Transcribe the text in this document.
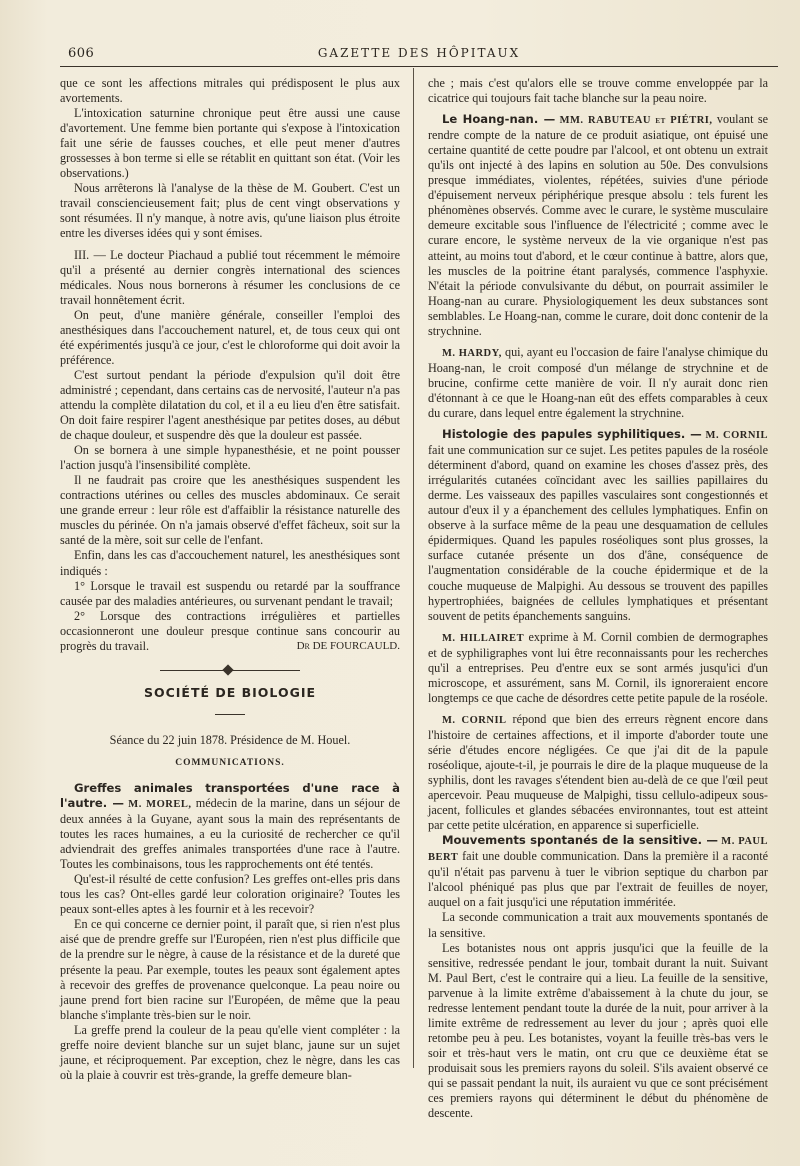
606	GAZETTE DES HÔPITAUX

que ce sont les affections mitrales qui prédisposent le plus aux avortements.

L'intoxication saturnine chronique peut être aussi une cause d'avortement. Une femme bien portante qui s'expose à l'intoxication fait une série de fausses couches, et elle peut mener d'autres grossesses à bon terme si elle se rétablit en quittant son état. (Voir les observations.)

Nous arrêterons là l'analyse de la thèse de M. Goubert. C'est un travail consciencieusement fait; plus de cent vingt observations y sont résumées. Il n'y manque, à notre avis, qu'une liaison plus étroite entre les diverses idées qui y sont émises.

III. — Le docteur Piachaud a publié tout récemment le mémoire qu'il a présenté au dernier congrès international des sciences médicales. Nous nous bornerons à résumer les conclusions de ce travail honnêtement écrit.

On peut, d'une manière générale, conseiller l'emploi des anesthésiques dans l'accouchement naturel, et, de tous ceux qui ont été expérimentés jusqu'à ce jour, c'est le chloroforme qui doit avoir la préférence.

C'est surtout pendant la période d'expulsion qu'il doit être administré ; cependant, dans certains cas de nervosité, l'auteur n'a pas attendu la complète dilatation du col, et il a eu lieu d'en être satisfait. On doit faire respirer l'agent anesthésique par petites doses, au début de chaque douleur, et suspendre dès que la douleur est passée.

On se bornera à une simple hypanesthésie, et ne point pousser l'action jusqu'à l'insensibilité complète.

Il ne faudrait pas croire que les anesthésiques suspendent les contractions utérines ou celles des muscles abdominaux. Ce serait une grande erreur : leur rôle est d'affaiblir la résistance naturelle des muscles du périnée. On n'a jamais observé d'effet fâcheux, soit sur la santé de la mère, soit sur celle de l'enfant.

Enfin, dans les cas d'accouchement naturel, les anesthésiques sont indiqués :

1° Lorsque le travail est suspendu ou retardé par la souffrance causée par des maladies antérieures, ou survenant pendant le travail;

2° Lorsque des contractions irrégulières et partielles occasionneront une douleur presque continue sans concourir au progrès du travail.	Dr DE FOURCAULD.
SOCIÉTÉ DE BIOLOGIE

Séance du 22 juin 1878. Présidence de M. Houel.

COMMUNICATIONS.

Greffes animales transportées d'une race à l'autre. — M. MOREL, médecin de la marine, dans un séjour de deux années à la Guyane, ayant sous la main des représentants de toutes les races humaines, a eu la curiosité de rechercher ce qu'il adviendrait des greffes animales transportées d'une race à l'autre. Toutes les combinaisons, tous les rapprochements ont été tentés.

Qu'est-il résulté de cette confusion? Les greffes ont-elles pris dans tous les cas? Ont-elles gardé leur coloration originaire? Toutes les peaux sont-elles aptes à les fournir et à les recevoir?

En ce qui concerne ce dernier point, il paraît que, si rien n'est plus aisé que de prendre greffe sur l'Européen, rien n'est plus difficile que de la prendre sur le nègre, à cause de la résistance et de la dureté que présente la peau. Par exemple, toutes les peaux sont également aptes à recevoir des greffes de provenance quelconque. La peau noire ou jaune prend fort bien racine sur l'Européen, de même que la peau blanche s'implante très-bien sur le noir.

La greffe prend la couleur de la peau qu'elle vient compléter : la greffe noire devient blanche sur un sujet blanc, jaune sur un sujet jaune, et réciproquement. Par exception, chez le nègre, dans les cas où la plaie à couvrir est très-grande, la greffe demeure blan-

che ; mais c'est qu'alors elle se trouve comme enveloppée par la cicatrice qui toujours fait tache blanche sur la peau noire.

Le Hoang-nan. — MM. RABUTEAU et PIÉTRI, voulant se rendre compte de la nature de ce produit asiatique, ont épuisé une certaine quantité de cette poudre par l'alcool, et ont obtenu un extrait qu'ils ont injecté à des lapins en solution au 50e. Des convulsions presque immédiates, violentes, répétées, suivies d'une période d'épuisement nerveux périphérique presque absolu : tels furent les phénomènes observés. Comme avec le curare, le système musculaire demeure excitable sous l'influence de l'électricité ; comme avec le curare encore, le système nerveux de la vie organique n'est pas atteint, au moins tout d'abord, et le cœur continue à battre, alors que, les muscles de la poitrine étant paralysés, commence l'asphyxie. N'était la période convulsivante du début, on pourrait assimiler le Hoang-nan au curare. Physiologiquement les deux substances sont semblables. Le Hoang-nan, comme le curare, doit donc contenir de la strychnine.

M. HARDY, qui, ayant eu l'occasion de faire l'analyse chimique du Hoang-nan, le croit composé d'un mélange de strychnine et de brucine, confirme cette manière de voir. Il n'y aurait donc rien d'étonnant à ce que le Hoang-nan eût des effets comparables à ceux du curare, dans lequel entre également la strychnine.

Histologie des papules syphilitiques. — M. CORNIL fait une communication sur ce sujet. Les petites papules de la roséole déterminent d'abord, quand on examine les choses d'assez près, des irrégularités cutanées coïncidant avec les saillies papillaires du derme. Les vaisseaux des papilles vasculaires sont congestionnés et autour d'eux il y a épanchement des cellules lymphatiques. Enfin on observe à la surface même de la peau une desquamation de cellules épidermiques. Quand les papules roséoliques sont plus grosses, la surface cutanée présente un dos d'âne, conséquence de l'augmentation considérable de la couche épidermique et de la couche muqueuse de Malpighi. Au dessous se trouvent des papilles hypertrophiées, baignées de cellules lymphatiques et présentant souvent de petits épanchements sanguins.

M. HILLAIRET exprime à M. Cornil combien de dermographes et de syphiligraphes vont lui être reconnaissants pour les recherches qu'il a entreprises. Peu d'entre eux se sont armés jusqu'ici d'un microscope, et assurément, sans M. Cornil, ils ignoreraient encore longtemps ce que cache de désordres cette petite papule de la roséole.

M. CORNIL répond que bien des erreurs règnent encore dans l'histoire de certaines affections, et il importe d'aborder toute une série d'études encore négligées. Ce que j'ai dit de la papule roséolique, ajoute-t-il, je pourrais le dire de la plaque muqueuse de la syphilis, dont les ravages s'étendent bien au-delà de ce que l'œil peut apercevoir. Peau muqueuse de Malpighi, tissu cellulo-adipeux sous-jacent, follicules et glandes sébacées environnantes, tout est atteint par cette petite ulcération, en apparence si superficielle.

Mouvements spontanés de la sensitive. — M. PAUL BERT fait une double communication. Dans la première il a raconté qu'il n'était pas parvenu à tuer le vibrion septique du charbon par l'alcool phéniqué pas plus que par l'extrait de feuilles de noyer, auquel on a fait jusqu'ici une réputation imméritée.

La seconde communication a trait aux mouvements spontanés de la sensitive.

Les botanistes nous ont appris jusqu'ici que la feuille de la sensitive, redressée pendant le jour, tombait durant la nuit. Suivant M. Paul Bert, c'est le contraire qui a lieu. La feuille de la sensitive, parvenue à la limite extrême d'abaissement à la chute du jour, se redresse lentement pendant toute la durée de la nuit, pour arriver à la limite extrême de redressement au lever du jour ; après quoi elle retombe peu à peu. Les botanistes, voyant la feuille très-bas vers le soir et très-haut vers le matin, ont cru que ce deuxième état se produisait sous les premiers rayons du soleil. S'ils avaient observé ce qui se passait pendant la nuit, ils auraient vu que ce sont précisément ces premiers rayons qui déterminent le début du phénomène de descente.
